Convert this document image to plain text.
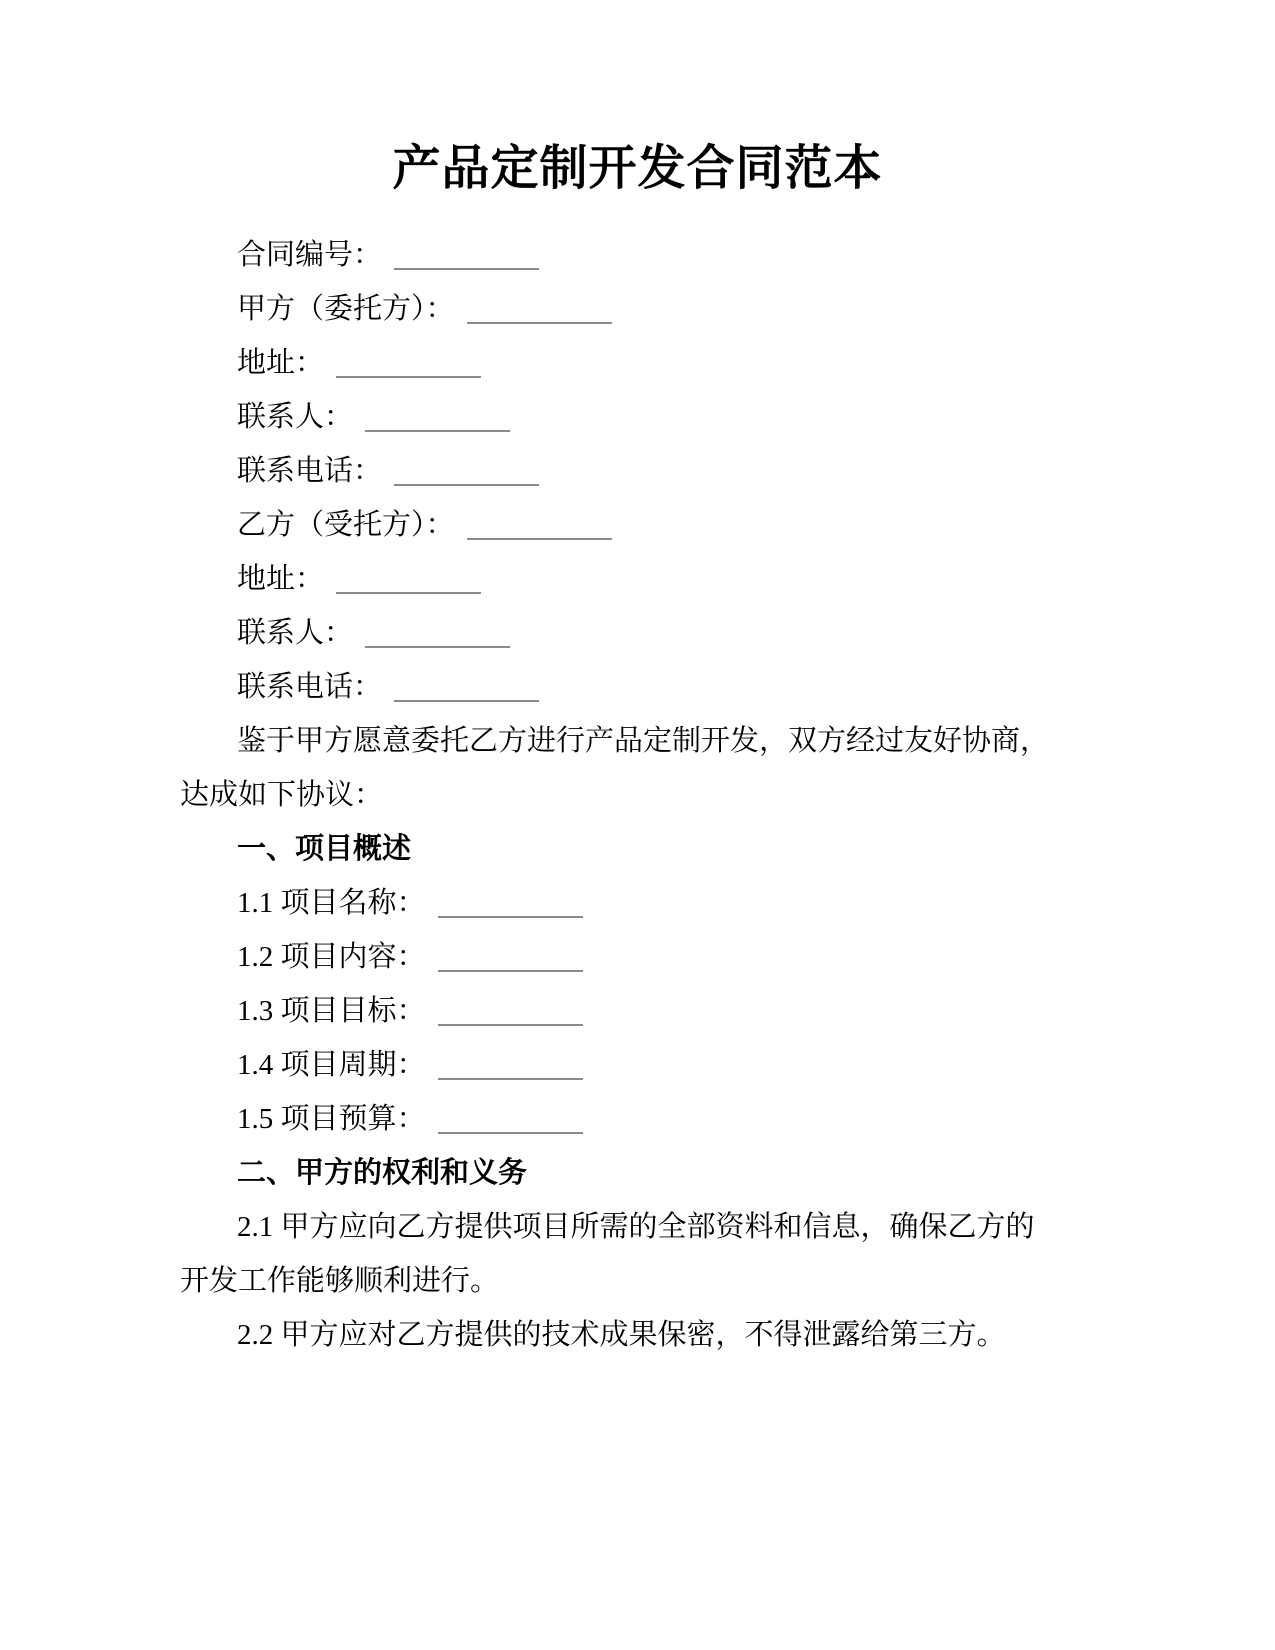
产品定制开发合同范本
合同编号：
甲方（委托方）：
地址：
联系人：
联系电话：
乙方（受托方）：
地址：
联系人：
联系电话：
鉴于甲方愿意委托乙方进行产品定制开发，双方经过友好协商，
达成如下协议：
一、项目概述
1.1 项目名称：
1.2 项目内容：
1.3 项目目标：
1.4 项目周期：
1.5 项目预算：
二、甲方的权利和义务
2.1 甲方应向乙方提供项目所需的全部资料和信息，确保乙方的
开发工作能够顺利进行。
2.2 甲方应对乙方提供的技术成果保密，不得泄露给第三方。
